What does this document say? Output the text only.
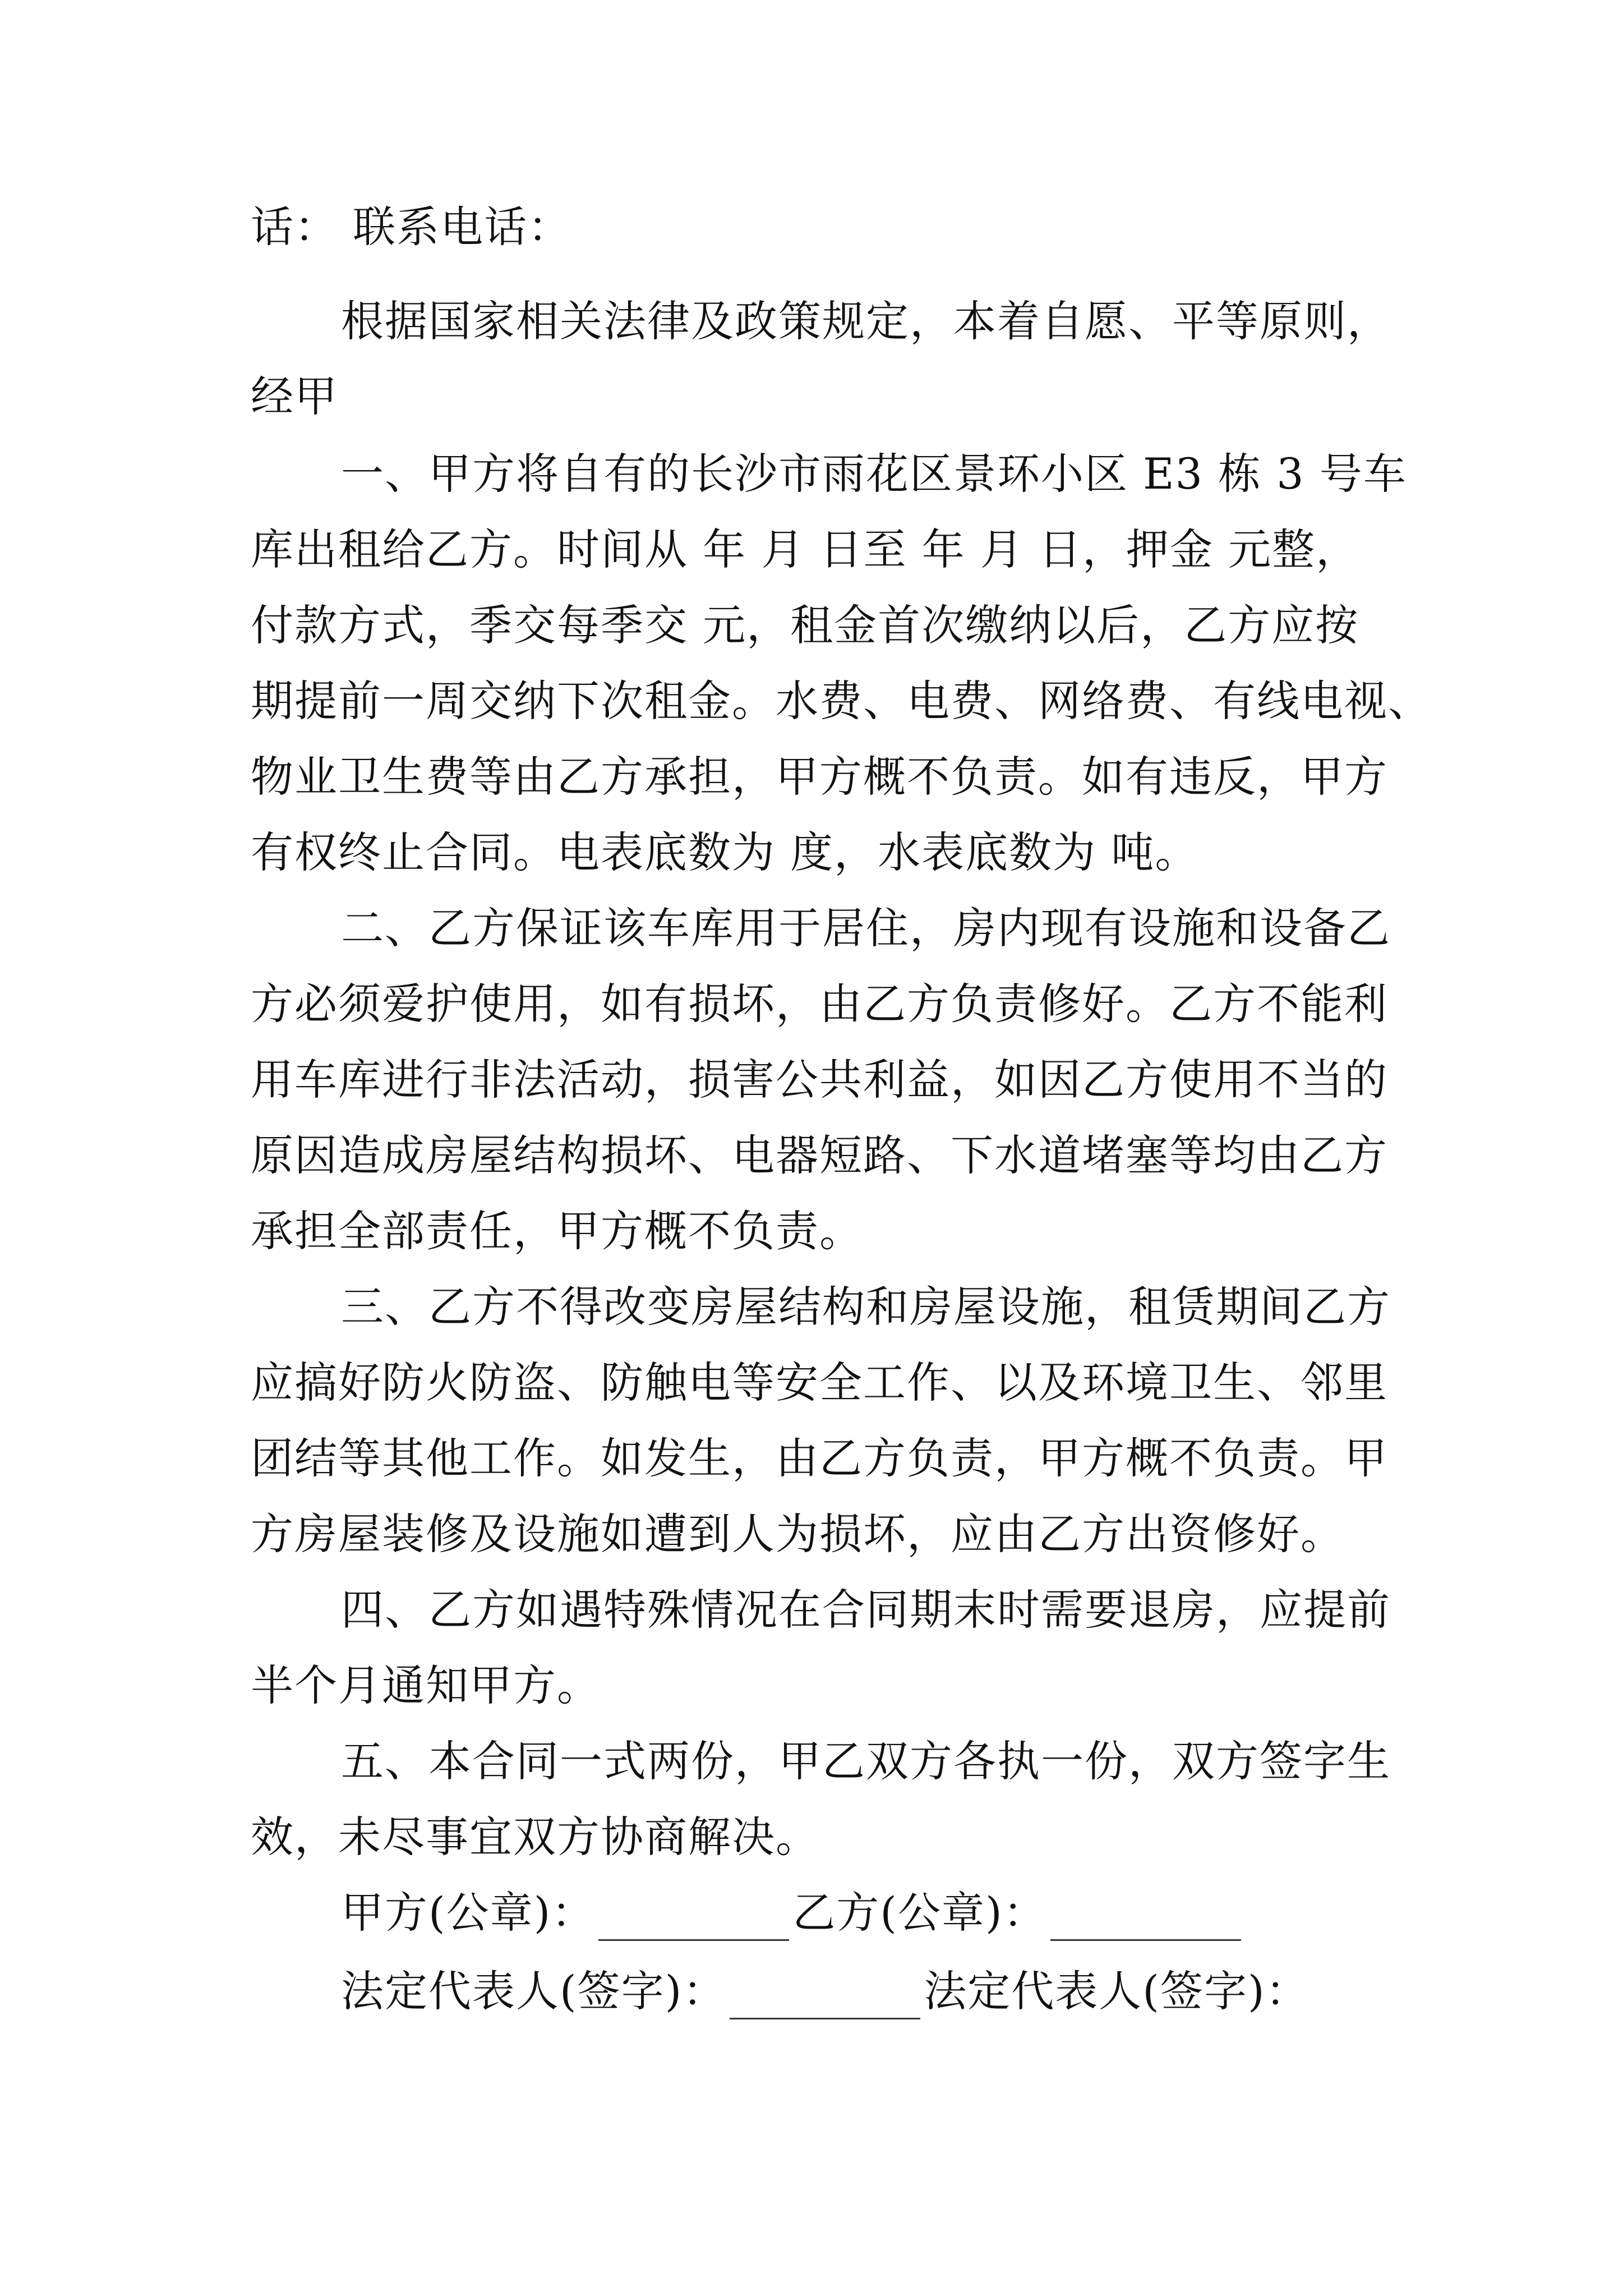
话： 联系电话：
根据国家相关法律及政策规定，本着自愿、平等原则，
经甲
一、甲方将自有的长沙市雨花区景环小区 E3 栋 3 号车
库出租给乙方。时间从 年 月 日至 年 月 日，押金 元整，
付款方式，季交每季交 元，租金首次缴纳以后，乙方应按
期提前一周交纳下次租金。水费、电费、网络费、有线电视、
物业卫生费等由乙方承担，甲方概不负责。如有违反，甲方
有权终止合同。电表底数为 度，水表底数为 吨。
二、乙方保证该车库用于居住，房内现有设施和设备乙
方必须爱护使用，如有损坏，由乙方负责修好。乙方不能利
用车库进行非法活动，损害公共利益，如因乙方使用不当的
原因造成房屋结构损坏、电器短路、下水道堵塞等均由乙方
承担全部责任，甲方概不负责。
三、乙方不得改变房屋结构和房屋设施，租赁期间乙方
应搞好防火防盗、防触电等安全工作、以及环境卫生、邻里
团结等其他工作。如发生，由乙方负责，甲方概不负责。甲
方房屋装修及设施如遭到人为损坏，应由乙方出资修好。
四、乙方如遇特殊情况在合同期末时需要退房，应提前
半个月通知甲方。
五、本合同一式两份，甲乙双方各执一份，双方签字生
效，未尽事宜双方协商解决。
甲方(公章)：	乙方(公章)：
法定代表人(签字)：	法定代表人(签字)：
